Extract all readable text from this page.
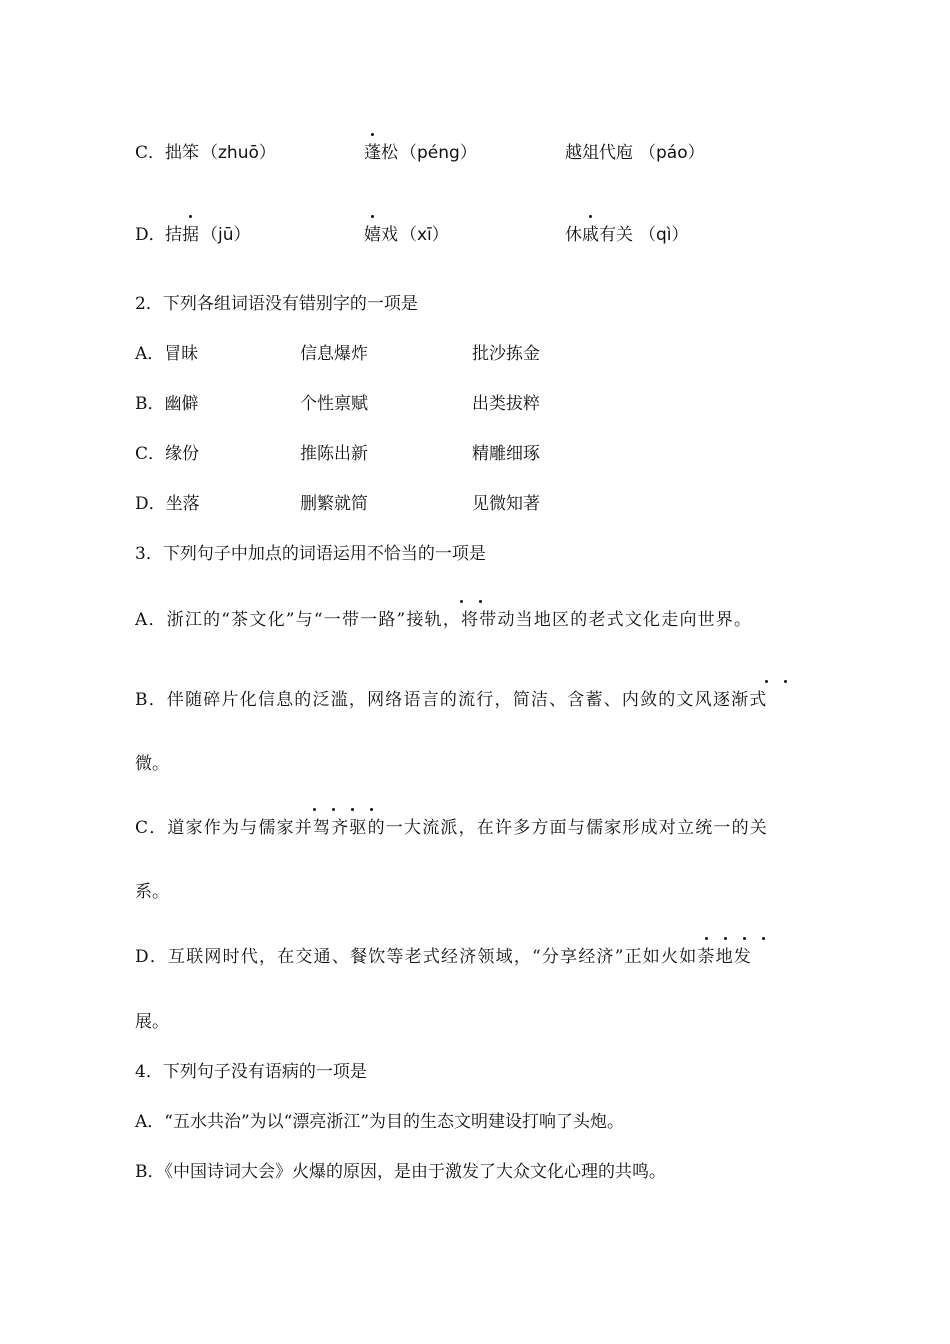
C． 拙笨 （zhuō）	蓬松 （péng）	越俎代庖 （páo）
D． 拮据 （jū）	嬉戏 （xī）	休戚有关 （qì）
2．下列各组词语没有错别字的一项是
A．冒昧	信息爆炸	批沙拣金
B．幽僻	个性禀赋	出类拔粹
C．缘份	推陈出新	精雕细琢
D．坐落	删繁就简	见微知著
3．下列句子中加点的词语运用不恰当的一项是
A．浙江的“茶文化”与“一带一路”接轨，将带动当地区的老式文化走向世界。
B．伴随碎片化信息的泛滥，网络语言的流行，简洁、含蓄、内敛的文风逐渐式
微。
C．道家作为与儒家并驾齐驱的一大流派，在许多方面与儒家形成对立统一的关
系。
D．互联网时代，在交通、餐饮等老式经济领域，“分享经济”正如火如荼地发
展。
4．下列句子没有语病的一项是
A．“五水共治”为以“漂亮浙江”为目的生态文明建设打响了头炮。
B．《中国诗词大会》火爆的原因，是由于激发了大众文化心理的共鸣。
